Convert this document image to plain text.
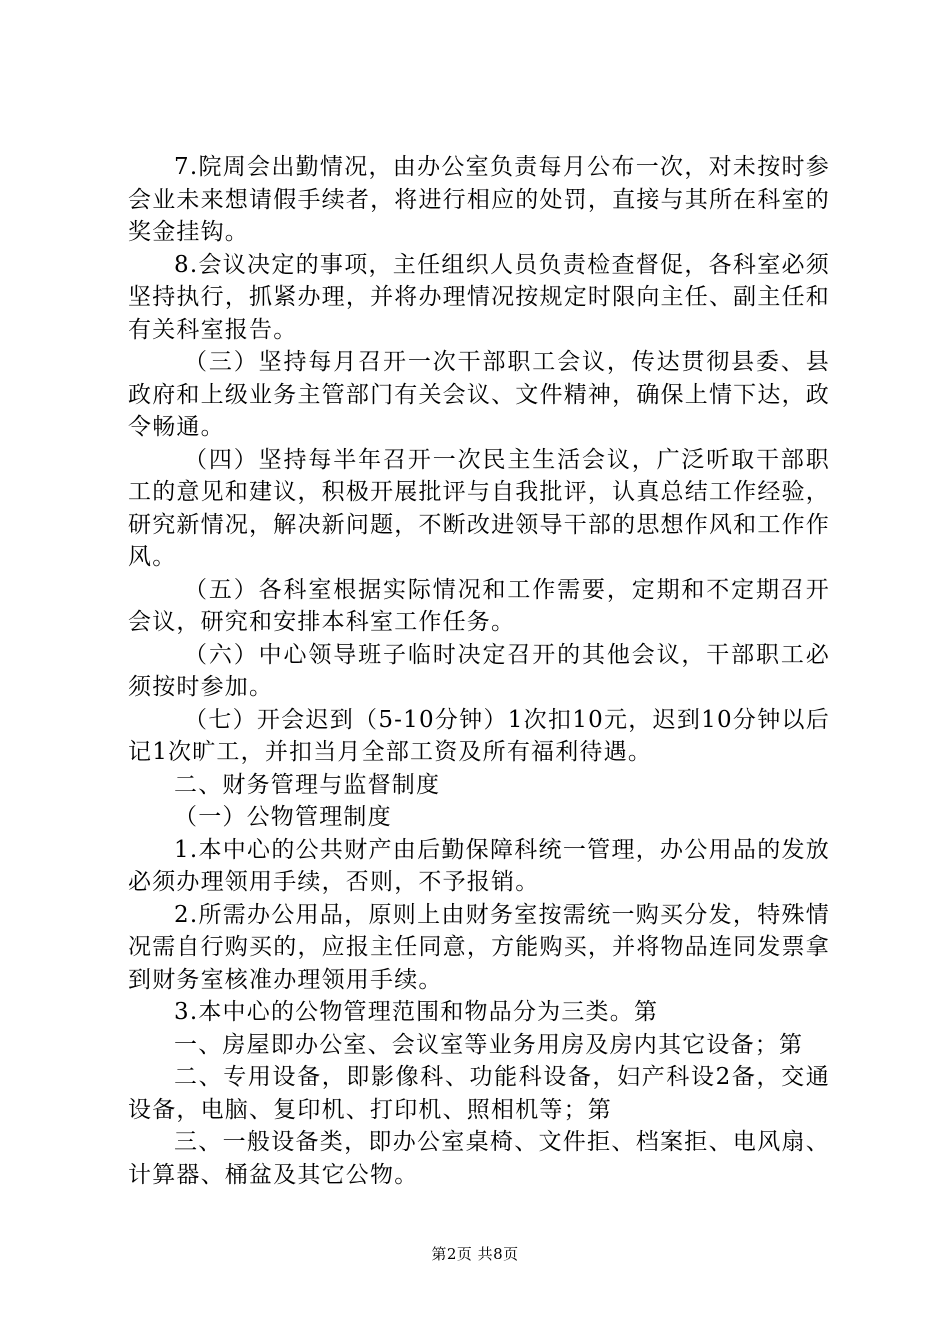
7.院周会出勤情况，由办公室负责每月公布一次，对未按时参会业未来想请假手续者，将进行相应的处罚，直接与其所在科室的奖金挂钩。

8.会议决定的事项，主任组织人员负责检查督促，各科室必须坚持执行，抓紧办理，并将办理情况按规定时限向主任、副主任和有关科室报告。

（三）坚持每月召开一次干部职工会议，传达贯彻县委、县政府和上级业务主管部门有关会议、文件精神，确保上情下达，政令畅通。

（四）坚持每半年召开一次民主生活会议，广泛听取干部职工的意见和建议，积极开展批评与自我批评，认真总结工作经验，研究新情况，解决新问题，不断改进领导干部的思想作风和工作作风。

（五）各科室根据实际情况和工作需要，定期和不定期召开会议，研究和安排本科室工作任务。

（六）中心领导班子临时决定召开的其他会议，干部职工必须按时参加。

（七）开会迟到（5-10分钟）1次扣10元，迟到10分钟以后记1次旷工，并扣当月全部工资及所有福利待遇。

二、财务管理与监督制度

（一）公物管理制度

1.本中心的公共财产由后勤保障科统一管理，办公用品的发放必须办理领用手续，否则，不予报销。

2.所需办公用品，原则上由财务室按需统一购买分发，特殊情况需自行购买的，应报主任同意，方能购买，并将物品连同发票拿到财务室核准办理领用手续。

3.本中心的公物管理范围和物品分为三类。第

一、房屋即办公室、会议室等业务用房及房内其它设备；第

二、专用设备，即影像科、功能科设备，妇产科设2备，交通设备，电脑、复印机、打印机、照相机等；第

三、一般设备类，即办公室桌椅、文件拒、档案拒、电风扇、计算器、桶盆及其它公物。

第2页 共8页
